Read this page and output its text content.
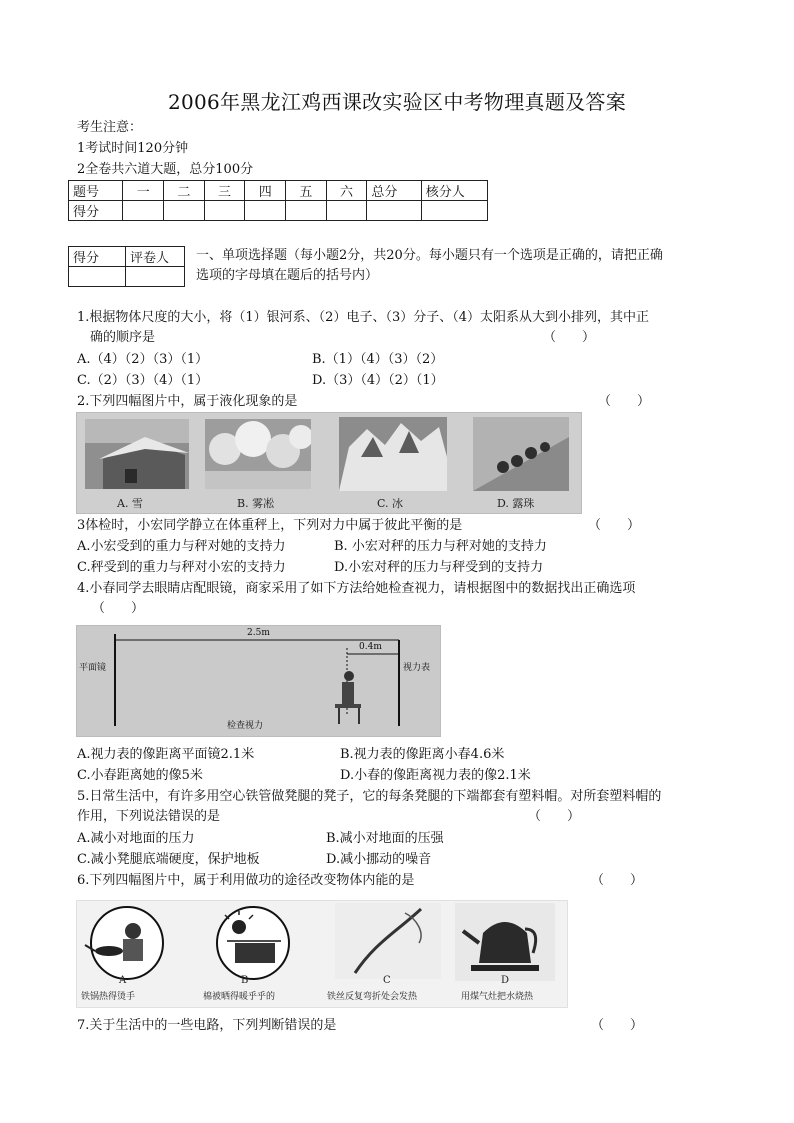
2006年黑龙江鸡西课改实验区中考物理真题及答案
考生注意：
1考试时间120分钟
2全卷共六道大题，总分100分
题号	一	二	三	四	五	六	总分	核分人
得分								
得分	评卷人
	一、单项选择题（每小题2分，共20分。每小题只有一个选项是正确的，请把正确
选项的字母填在题后的括号内）
1.根据物体尺度的大小，将（1）银河系、（2）电子、（3）分子、（4）太阳系从大到小排列，其中正
确的顺序是	（　　）
A.（4）（2）（3）（1）	B.（1）（4）（3）（2）
C.（2）（3）（4）（1）	D.（3）（4）（2）（1）
2.下列四幅图片中，属于液化现象的是	（　　）
A. 雪	B. 雾凇	C. 冰	D. 露珠
3体检时，小宏同学静立在体重秤上，下列对力中属于彼此平衡的是	（　　）
A.小宏受到的重力与秤对她的支持力	B. 小宏对秤的压力与秤对她的支持力
C.秤受到的重力与秤对小宏的支持力	D.小宏对秤的压力与秤受到的支持力
4.小春同学去眼睛店配眼镜，商家采用了如下方法给她检查视力，请根据图中的数据找出正确选项
（　　）
2.5m
0.4m
平面镜	视力表
检查视力
A.视力表的像距离平面镜2.1米	B.视力表的像距离小春4.6米
C.小春距离她的像5米	D.小春的像距离视力表的像2.1米
5.日常生活中，有许多用空心铁管做凳腿的凳子，它的每条凳腿的下端都套有塑料帽。对所套塑料帽的
作用，下列说法错误的是	（　　）
A.减小对地面的压力	B.减小对地面的压强
C.减小凳腿底端硬度，保护地板	D.减小挪动的噪音
6.下列四幅图片中，属于利用做功的途径改变物体内能的是	（　　）
A	B	C	D
铁锅热得烫手	棉被晒得暖乎乎的	铁丝反复弯折处会发热	用煤气灶把水烧热
7.关于生活中的一些电路，下列判断错误的是	（　　）
